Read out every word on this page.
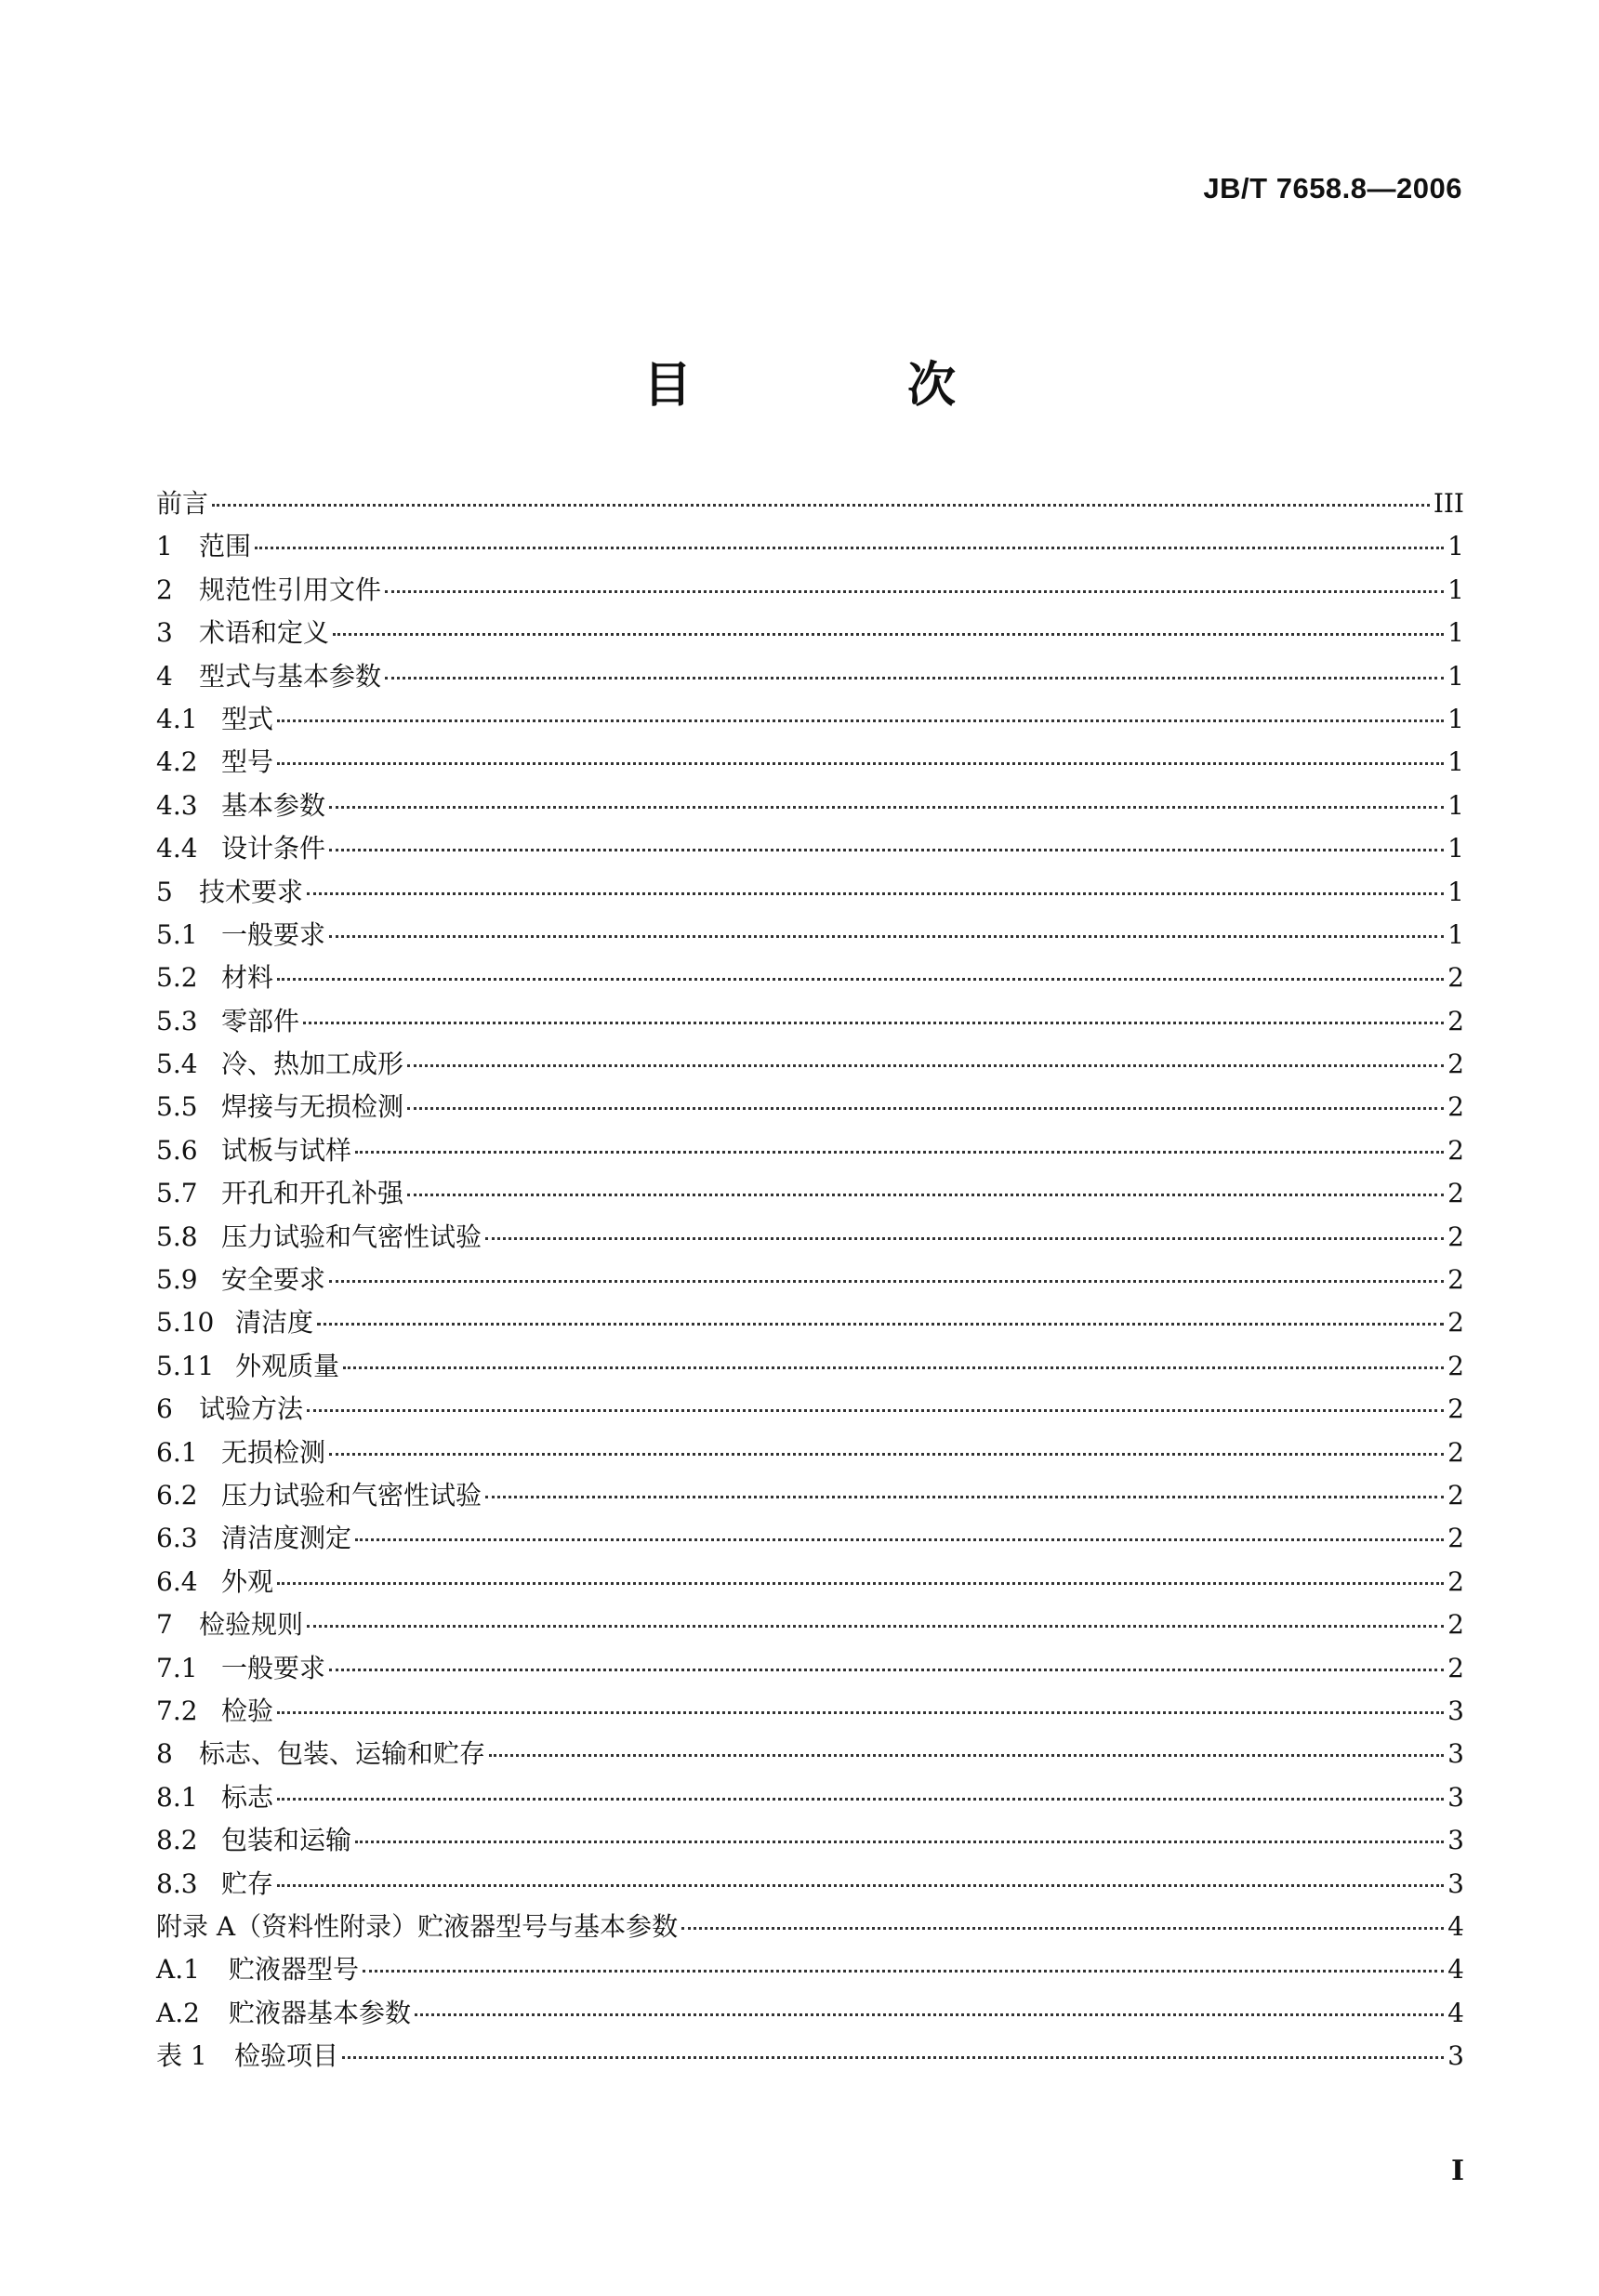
JB/T 7658.8—2006
目　次
前言	III
1	范围	1
2	规范性引用文件	1
3	术语和定义	1
4	型式与基本参数	1
4.1 型式	1
4.2 型号	1
4.3 基本参数	1
4.4 设计条件	1
5	技术要求	1
5.1 一般要求	1
5.2 材料	2
5.3 零部件	2
5.4 冷、热加工成形	2
5.5 焊接与无损检测	2
5.6 试板与试样	2
5.7 开孔和开孔补强	2
5.8 压力试验和气密性试验	2
5.9 安全要求	2
5.10 清洁度	2
5.11 外观质量	2
6	试验方法	2
6.1 无损检测	2
6.2 压力试验和气密性试验	2
6.3 清洁度测定	2
6.4 外观	2
7	检验规则	2
7.1 一般要求	2
7.2 检验	3
8	标志、包装、运输和贮存	3
8.1 标志	3
8.2 包装和运输	3
8.3 贮存	3
附录 A（资料性附录）贮液器型号与基本参数	4
A.1	贮液器型号	4
A.2	贮液器基本参数	4
表 1	检验项目	3
I
